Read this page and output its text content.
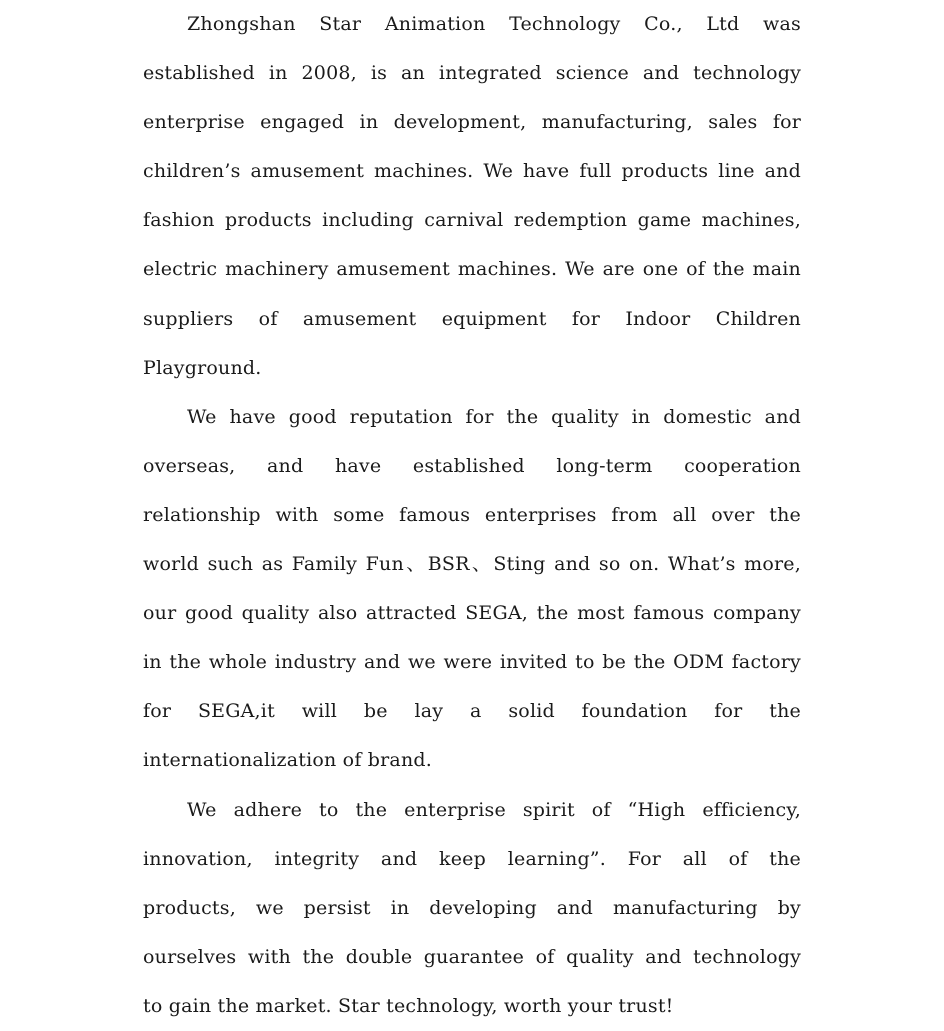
Zhongshan Star Animation Technology Co., Ltd was
established in 2008, is an integrated science and technology
enterprise engaged in development, manufacturing, sales for
children’s amusement machines. We have full products line and
fashion products including carnival redemption game machines,
electric machinery amusement machines. We are one of the main
suppliers of amusement equipment for Indoor Children
Playground.
We have good reputation for the quality in domestic and
overseas, and have established long-term cooperation
relationship with some famous enterprises from all over the
world such as Family Fun、BSR、Sting and so on. What’s more,
our good quality also attracted SEGA, the most famous company
in the whole industry and we were invited to be the ODM factory
for SEGA,it will be lay a solid foundation for the
internationalization of brand.
We adhere to the enterprise spirit of “High efficiency,
innovation, integrity and keep learning”. For all of the
products, we persist in developing and manufacturing by
ourselves with the double guarantee of quality and technology
to gain the market. Star technology, worth your trust!
